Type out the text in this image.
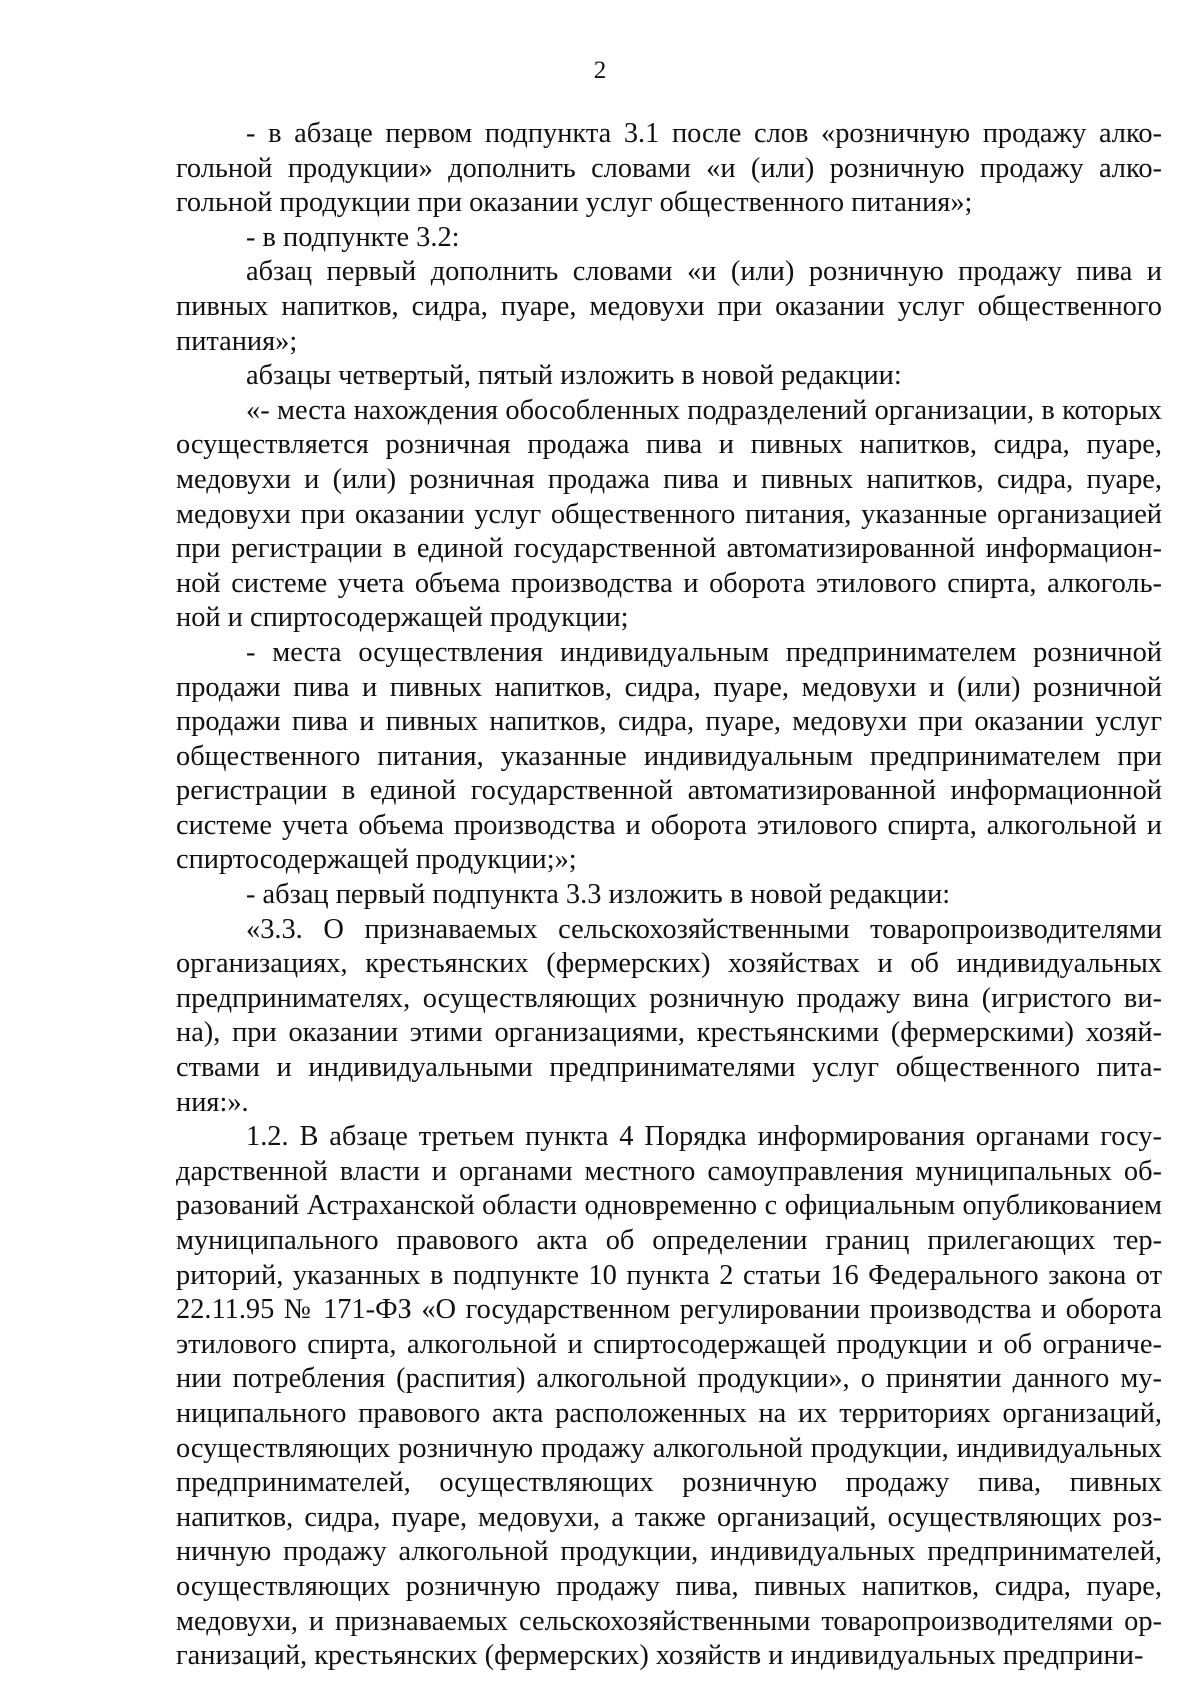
2

- в абзаце первом подпункта 3.1 после слов «розничную продажу алкогольной продукции» дополнить словами «и (или) розничную продажу алкогольной продукции при оказании услуг общественного питания»;

- в подпункте 3.2:

абзац первый дополнить словами «и (или) розничную продажу пива и пивных напитков, сидра, пуаре, медовухи при оказании услуг общественного питания»;

абзацы четвертый, пятый изложить в новой редакции:

«- места нахождения обособленных подразделений организации, в которых осуществляется розничная продажа пива и пивных напитков, сидра, пуаре, медовухи и (или) розничная продажа пива и пивных напитков, сидра, пуаре, медовухи при оказании услуг общественного питания, указанные организацией при регистрации в единой государственной автоматизированной информационной системе учета объема производства и оборота этилового спирта, алкогольной и спиртосодержащей продукции;

- места осуществления индивидуальным предпринимателем розничной продажи пива и пивных напитков, сидра, пуаре, медовухи и (или) розничной продажи пива и пивных напитков, сидра, пуаре, медовухи при оказании услуг общественного питания, указанные индивидуальным предпринимателем при регистрации в единой государственной автоматизированной информационной системе учета объема производства и оборота этилового спирта, алкогольной и спиртосодержащей продукции;»;

- абзац первый подпункта 3.3 изложить в новой редакции:

«3.3. О признаваемых сельскохозяйственными товаропроизводителями организациях, крестьянских (фермерских) хозяйствах и об индивидуальных предпринимателях, осуществляющих розничную продажу вина (игристого вина), при оказании этими организациями, крестьянскими (фермерскими) хозяйствами и индивидуальными предпринимателями услуг общественного питания:».

1.2. В абзаце третьем пункта 4 Порядка информирования органами государственной власти и органами местного самоуправления муниципальных образований Астраханской области одновременно с официальным опубликованием муниципального правового акта об определении границ прилегающих территорий, указанных в подпункте 10 пункта 2 статьи 16 Федерального закона от 22.11.95 № 171-ФЗ «О государственном регулировании производства и оборота этилового спирта, алкогольной и спиртосодержащей продукции и об ограничении потребления (распития) алкогольной продукции», о принятии данного муниципального правового акта расположенных на их территориях организаций, осуществляющих розничную продажу алкогольной продукции, индивидуальных предпринимателей, осуществляющих розничную продажу пива, пивных напитков, сидра, пуаре, медовухи, а также организаций, осуществляющих розничную продажу алкогольной продукции, индивидуальных предпринимателей, осуществляющих розничную продажу пива, пивных напитков, сидра, пуаре, медовухи, и признаваемых сельскохозяйственными товаропроизводителями организаций, крестьянских (фермерских) хозяйств и индивидуальных предприни-
